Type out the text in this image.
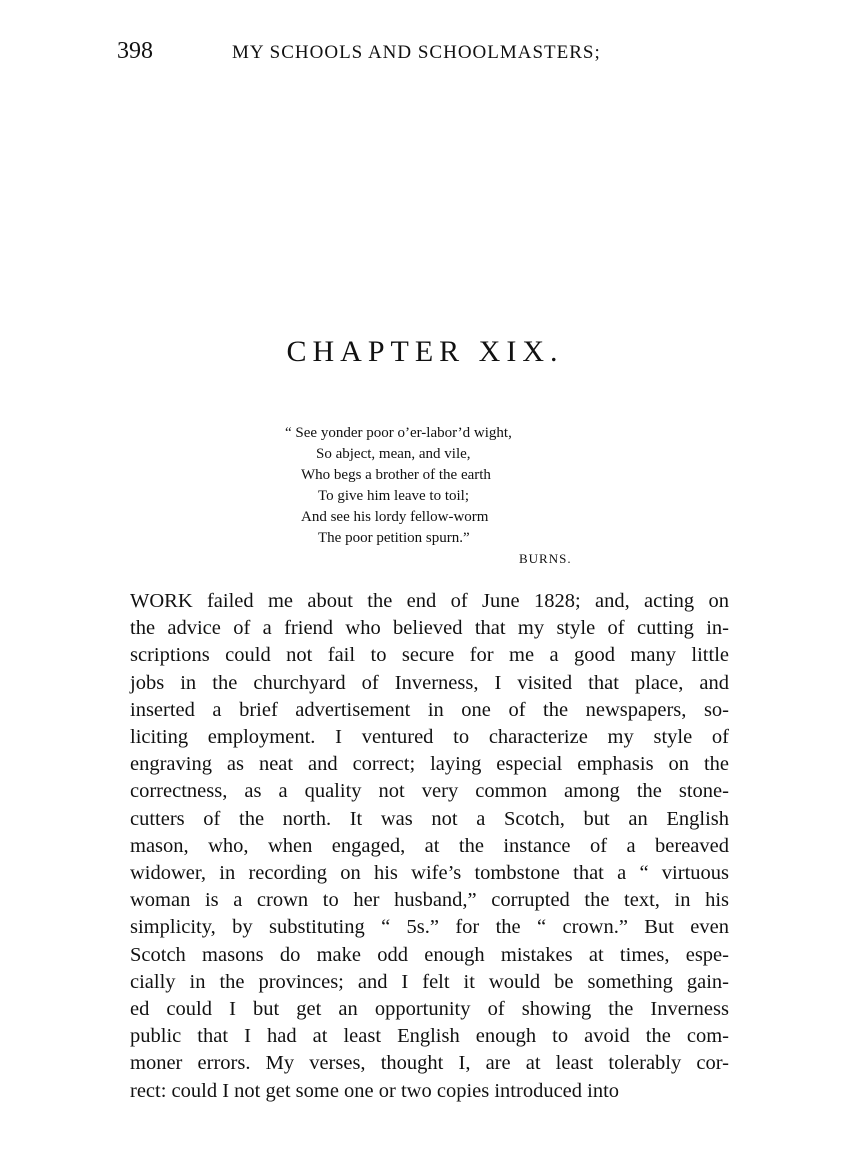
398	MY SCHOOLS AND SCHOOLMASTERS;
CHAPTER XIX.
“ See yonder poor o’er-labor’d wight,
So abject, mean, and vile,
Who begs a brother of the earth
To give him leave to toil;
And see his lordy fellow-worm
The poor petition spurn.”
BURNS.
WORK failed me about the end of June 1828; and, acting on
the advice of a friend who believed that my style of cutting in-
scriptions could not fail to secure for me a good many little
jobs in the churchyard of Inverness, I visited that place, and
inserted a brief advertisement in one of the newspapers, so-
liciting employment. I ventured to characterize my style of
engraving as neat and correct; laying especial emphasis on the
correctness, as a quality not very common among the stone-
cutters of the north. It was not a Scotch, but an English
mason, who, when engaged, at the instance of a bereaved
widower, in recording on his wife’s tombstone that a “ virtuous
woman is a crown to her husband,” corrupted the text, in his
simplicity, by substituting “ 5s.” for the “ crown.” But even
Scotch masons do make odd enough mistakes at times, espe-
cially in the provinces; and I felt it would be something gain-
ed could I but get an opportunity of showing the Inverness
public that I had at least English enough to avoid the com-
moner errors. My verses, thought I, are at least tolerably cor-
rect: could I not get some one or two copies introduced into
